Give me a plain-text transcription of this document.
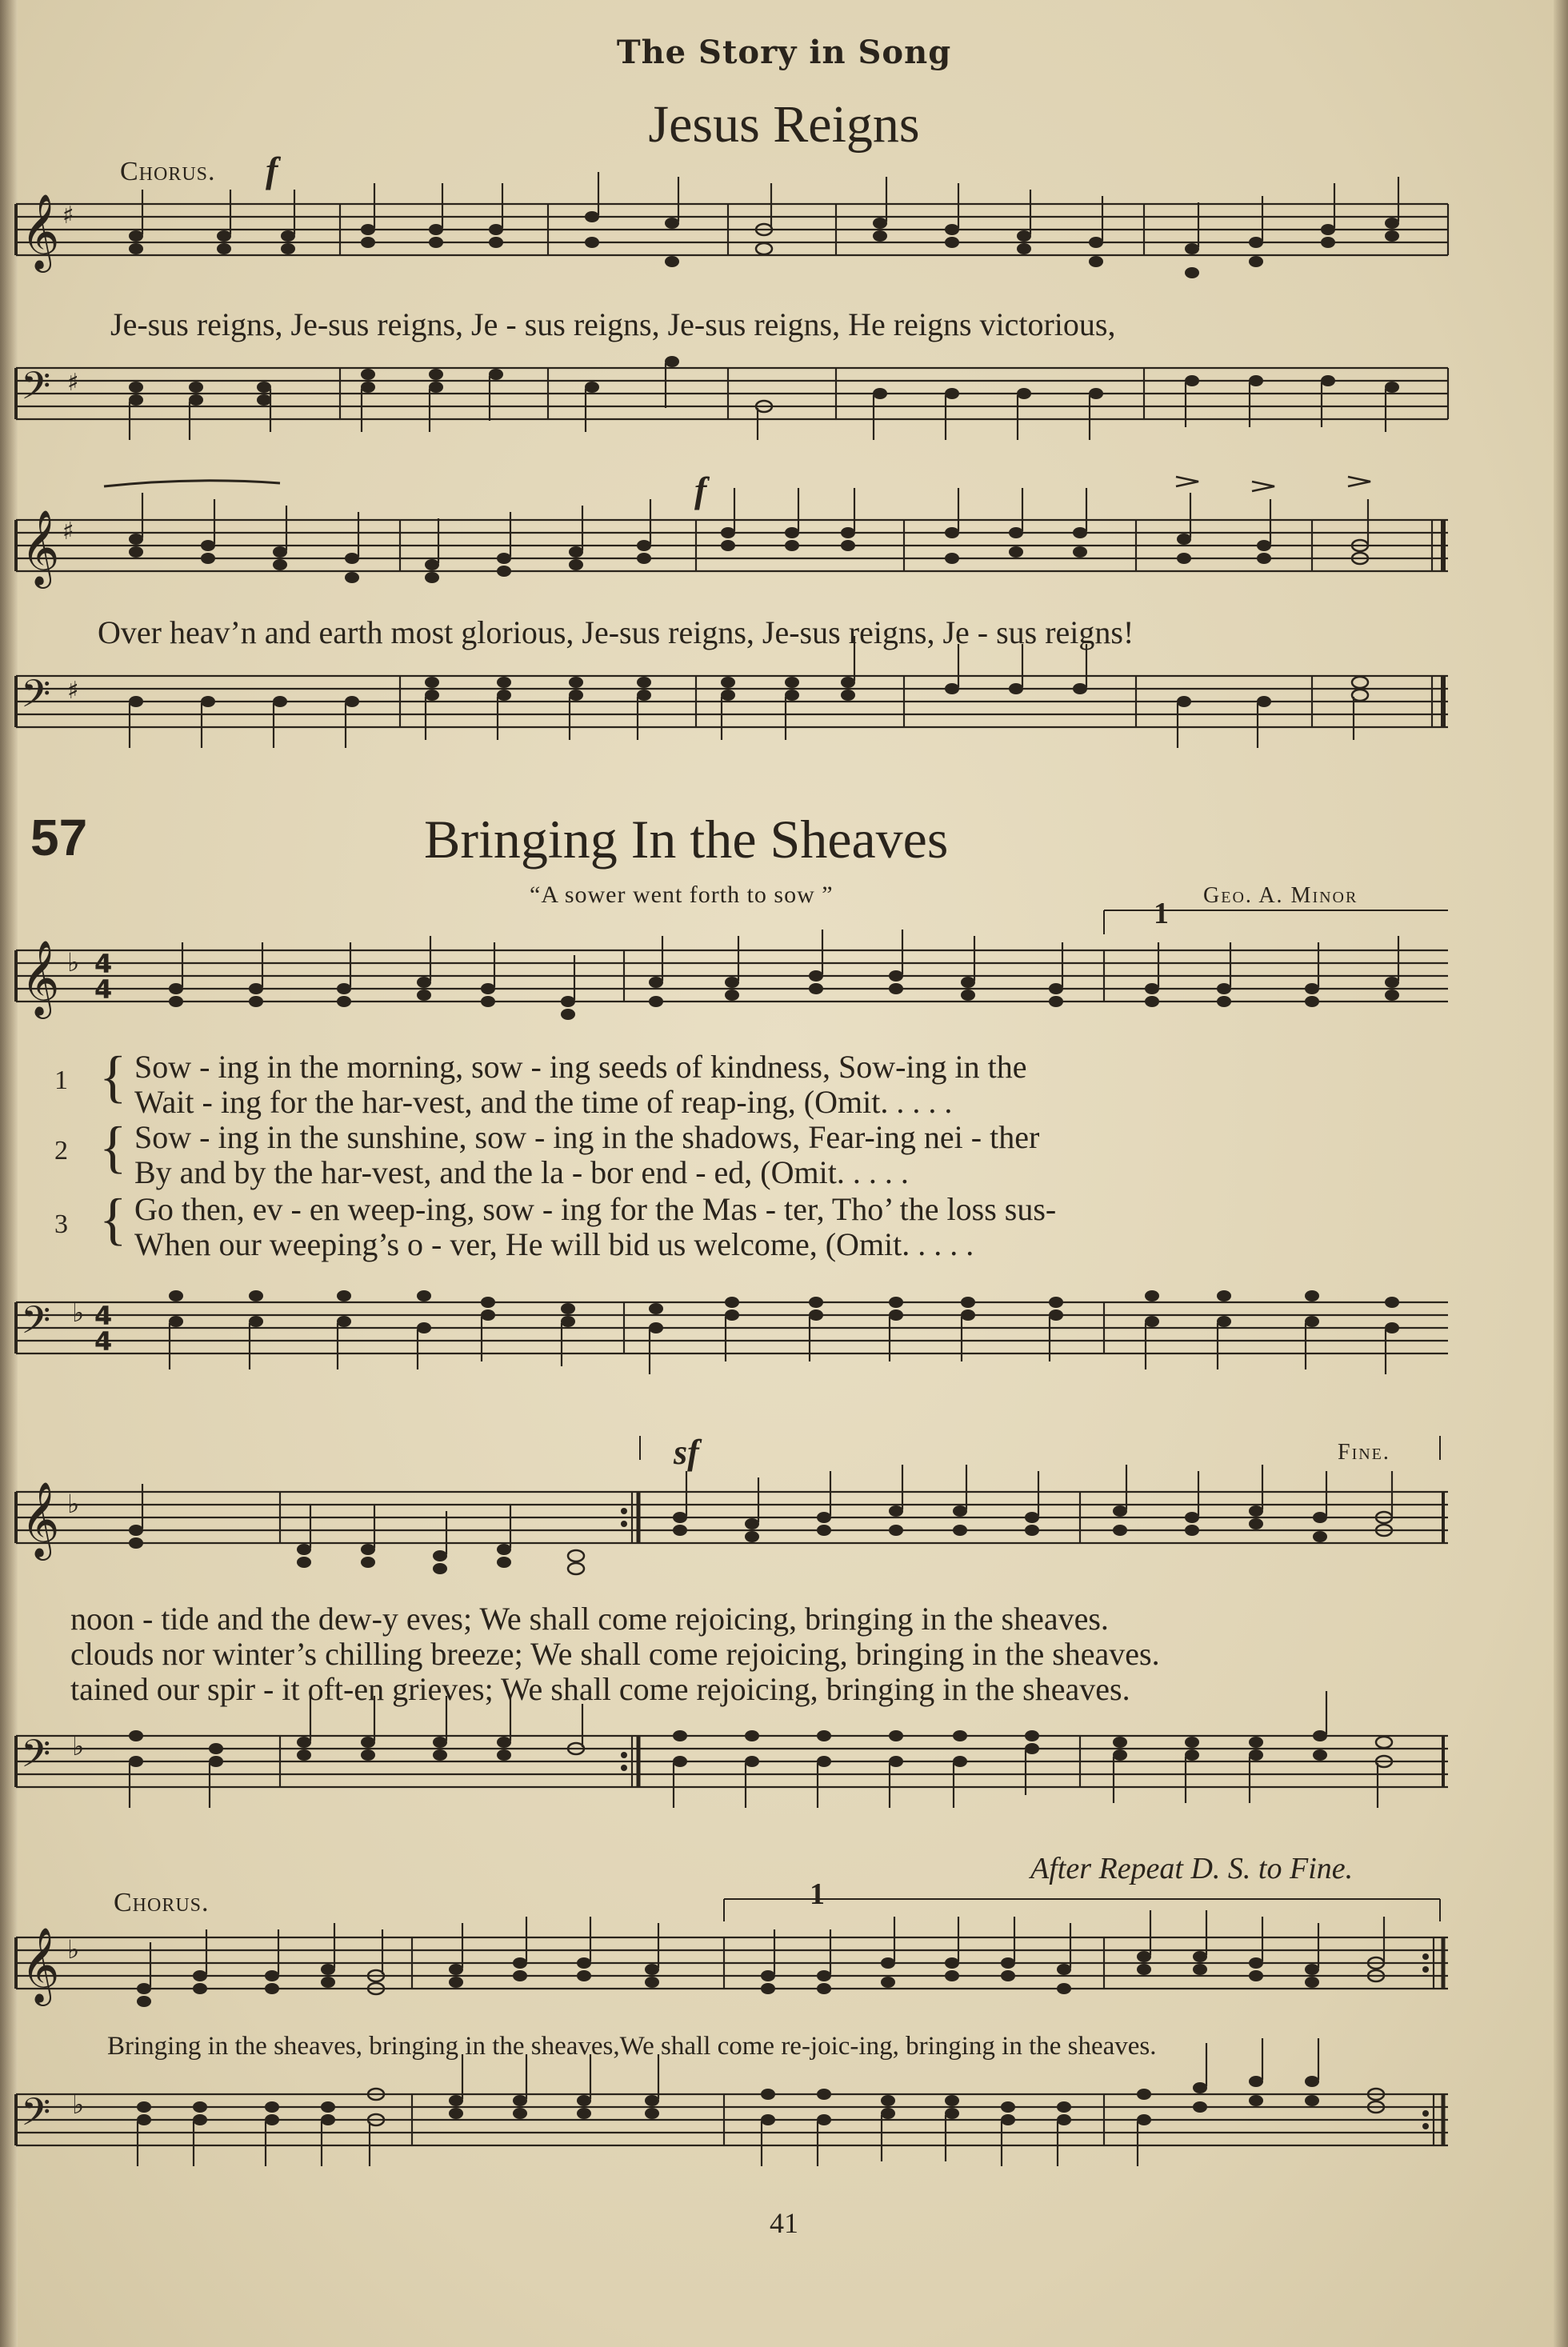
The Story in Song
Jesus Reigns
Chorus. f
𝄞 ♯
Je-sus reigns, Je-sus reigns, Je - sus reigns, Je-sus reigns, He reigns victorious,
𝄢 ♯
𝄞 ♯
f
Over heav’n and earth most glorious, Je-sus reigns, Je-sus reigns, Je - sus reigns!
𝄢 ♯
57	Bringing In the Sheaves
“A sower went forth to sow ”	Geo. A. Minor
1
𝄞 ♭ 4
4
1
2
3
{
{
{
Sow - ing in the morning, sow - ing seeds of kindness, Sow-ing in the
Wait - ing for the har-vest, and the time of reap-ing, (Omit. . . . .
Sow - ing in the sunshine, sow - ing in the shadows, Fear-ing nei - ther
By and by the har-vest, and the la - bor end - ed, (Omit. . . . .
Go then, ev - en weep-ing, sow - ing for the Mas - ter, Tho’ the loss sus-
When our weeping’s o - ver, He will bid us welcome, (Omit. . . . .
𝄢 ♭ 4
4
sf	Fine.
𝄞 ♭
noon - tide and the dew-y eves; We shall come rejoicing, bringing in the sheaves.
clouds nor winter’s chilling breeze; We shall come rejoicing, bringing in the sheaves.
tained our spir - it oft-en grieves; We shall come rejoicing, bringing in the sheaves.
𝄢 ♭
After Repeat D. S. to Fine.
Chorus.	1
𝄞 ♭
Bringing in the sheaves, bringing in the sheaves,We shall come re-joic-ing, bringing in the sheaves.
𝄢 ♭
41
